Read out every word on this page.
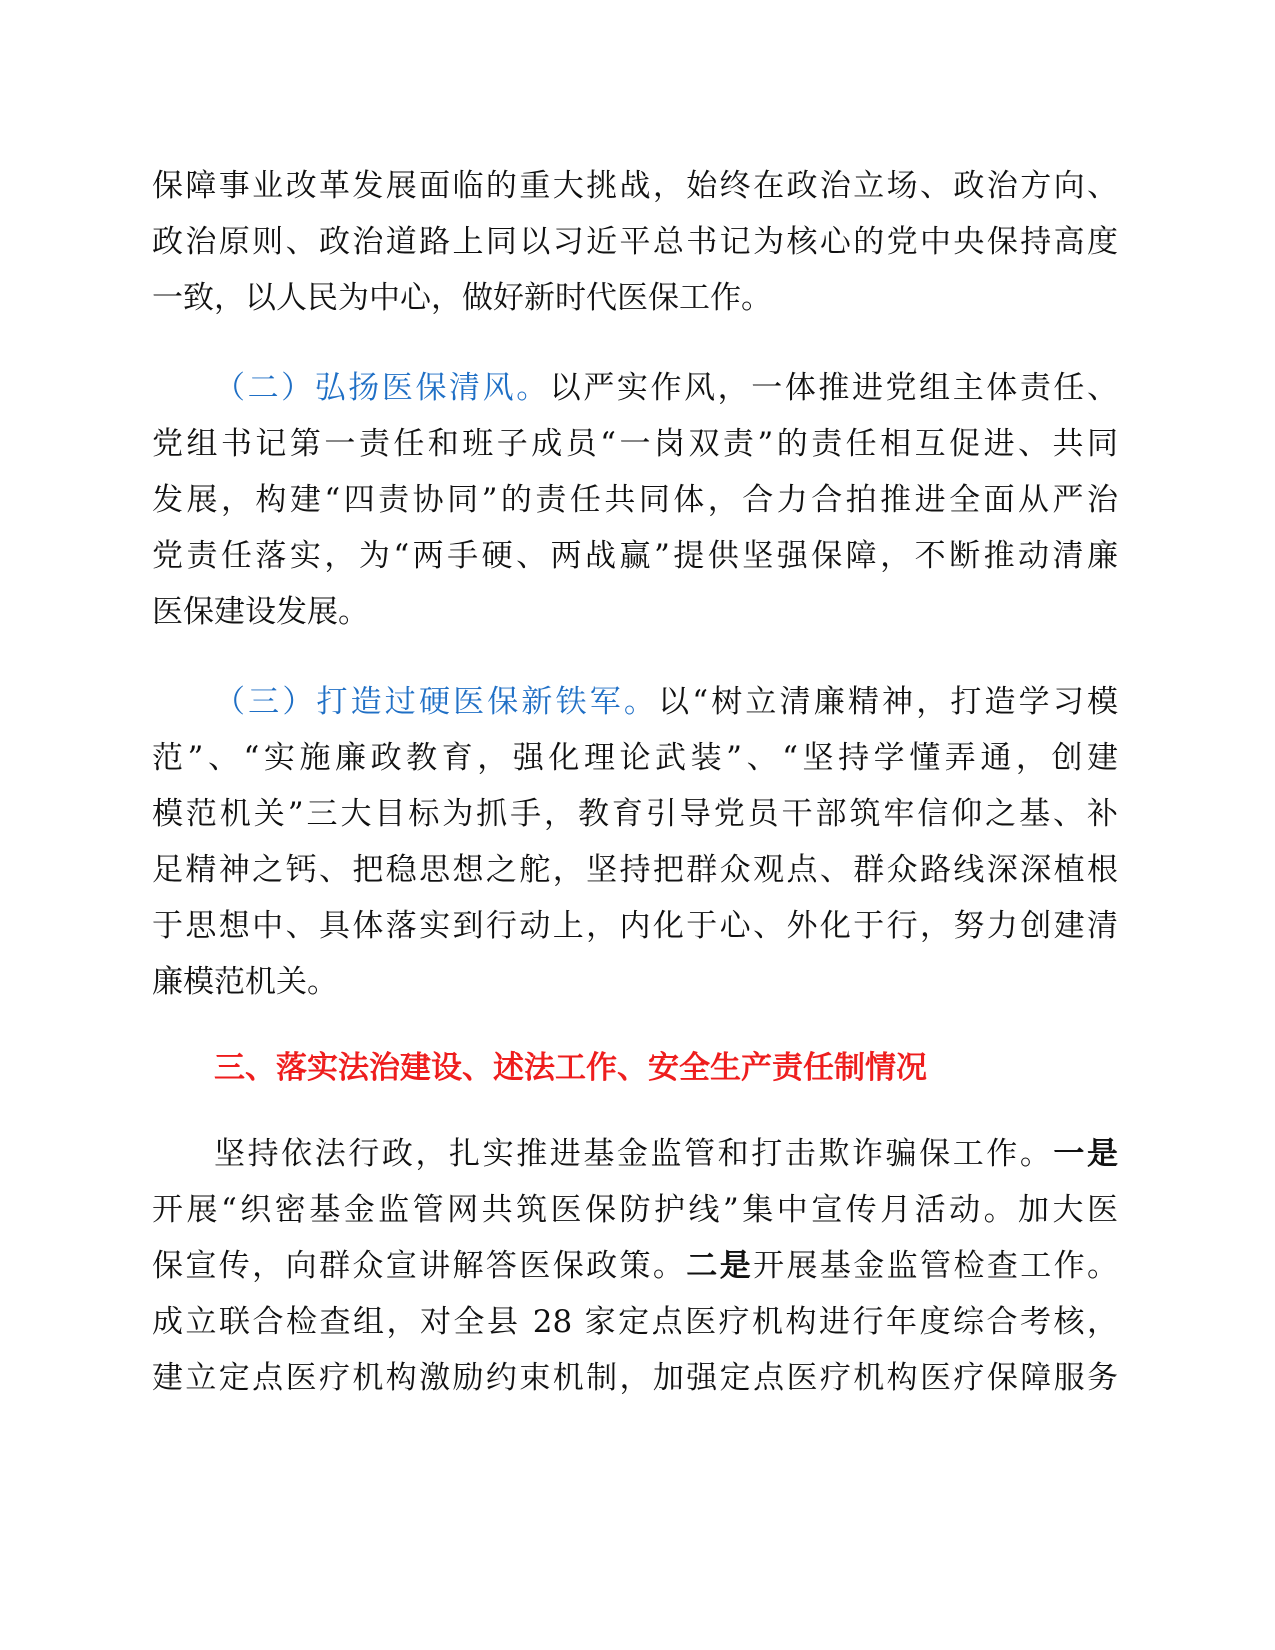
保障事业改革发展面临的重大挑战，始终在政治立场、政治方向、
政治原则、政治道路上同以习近平总书记为核心的党中央保持高度
一致，以人民为中心，做好新时代医保工作。
（二）弘扬医保清风。以严实作风，一体推进党组主体责任、
党组书记第一责任和班子成员“一岗双责”的责任相互促进、共同
发展，构建“四责协同”的责任共同体，合力合拍推进全面从严治
党责任落实，为“两手硬、两战赢”提供坚强保障，不断推动清廉
医保建设发展。
（三）打造过硬医保新铁军。以“树立清廉精神，打造学习模
范”、“实施廉政教育，强化理论武装”、“坚持学懂弄通，创建
模范机关”三大目标为抓手，教育引导党员干部筑牢信仰之基、补
足精神之钙、把稳思想之舵，坚持把群众观点、群众路线深深植根
于思想中、具体落实到行动上，内化于心、外化于行，努力创建清
廉模范机关。
三、落实法治建设、述法工作、安全生产责任制情况
坚持依法行政，扎实推进基金监管和打击欺诈骗保工作。一是
开展“织密基金监管网共筑医保防护线”集中宣传月活动。加大医
保宣传，向群众宣讲解答医保政策。二是开展基金监管检查工作。
成立联合检查组，对全县 28 家定点医疗机构进行年度综合考核，
建立定点医疗机构激励约束机制，加强定点医疗机构医疗保障服务
